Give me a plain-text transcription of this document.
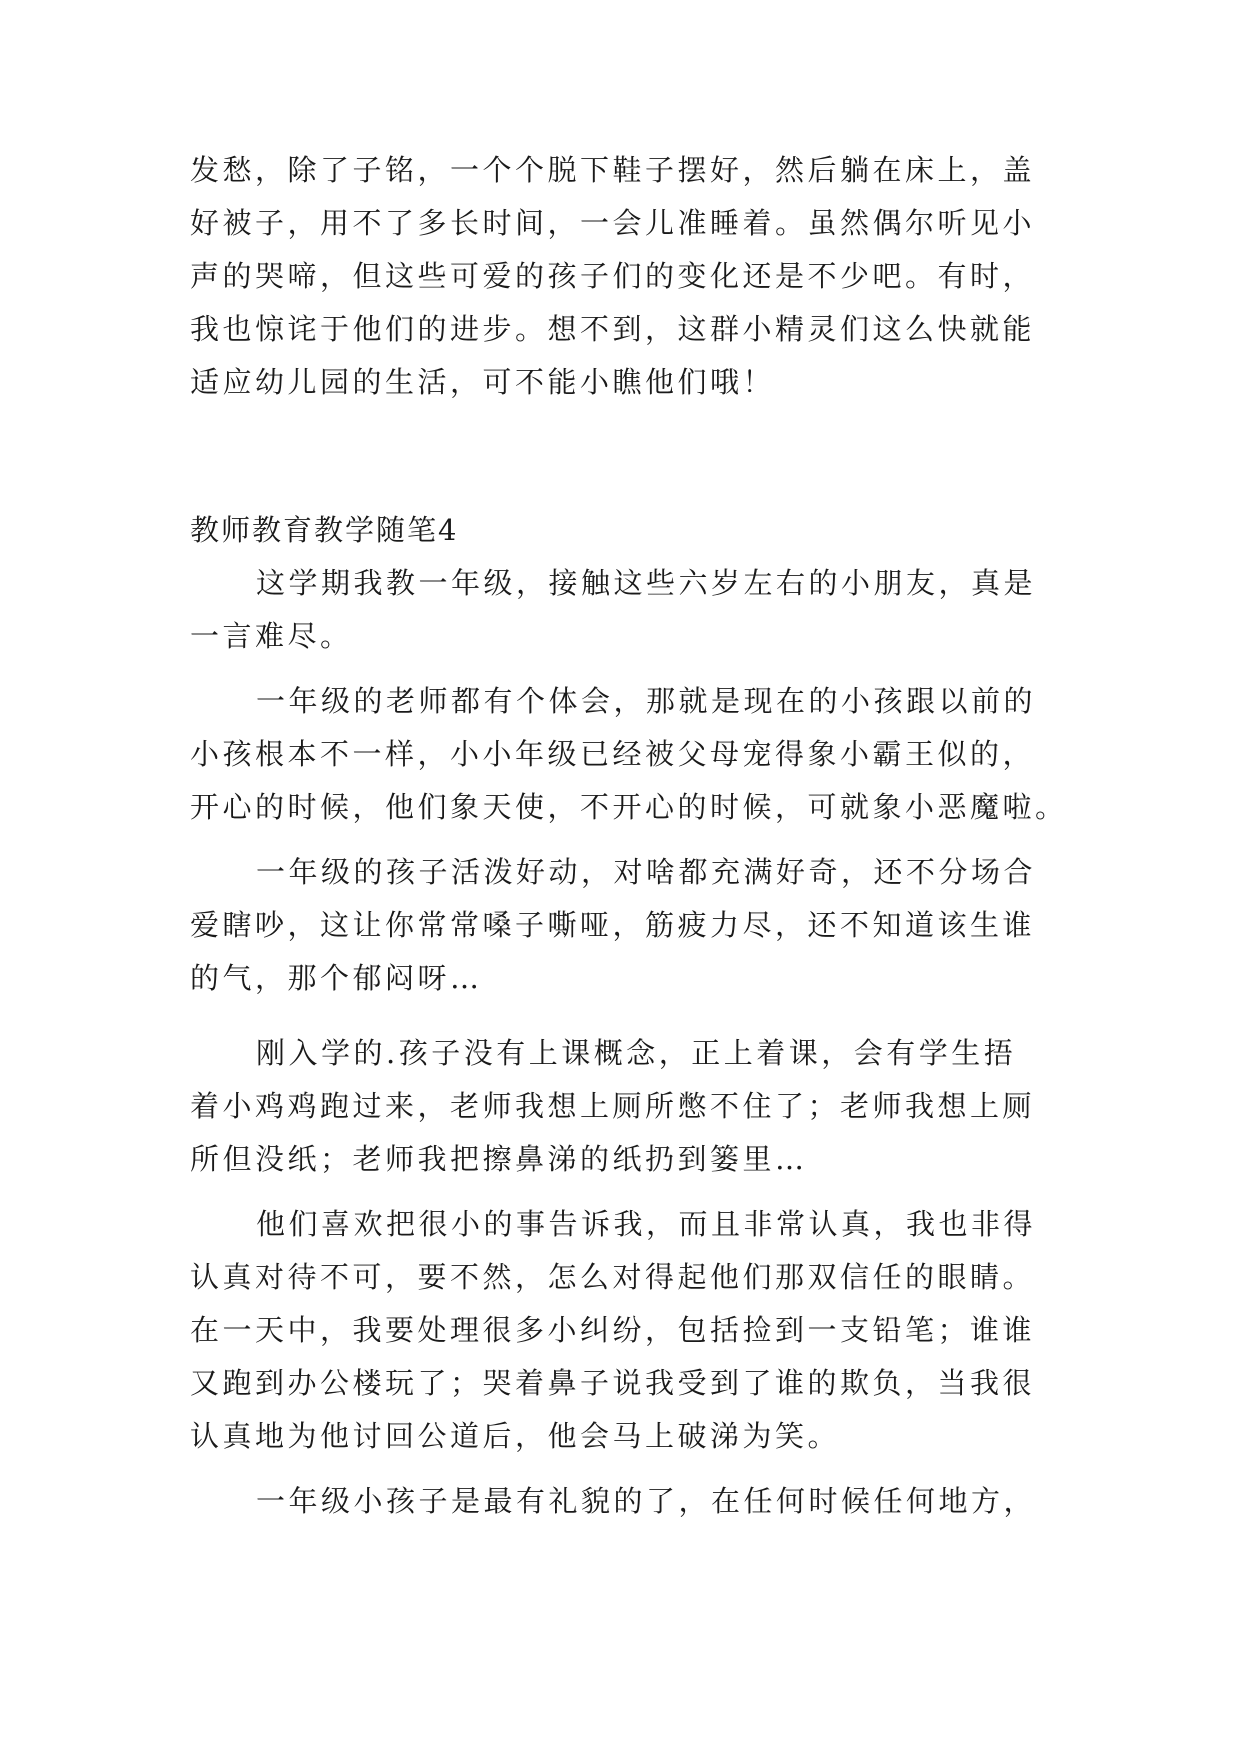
发愁，除了子铭，一个个脱下鞋子摆好，然后躺在床上，盖
好被子，用不了多长时间，一会儿准睡着。虽然偶尔听见小
声的哭啼，但这些可爱的孩子们的变化还是不少吧。有时，
我也惊诧于他们的进步。想不到，这群小精灵们这么快就能
适应幼儿园的生活，可不能小瞧他们哦！
教师教育教学随笔4
这学期我教一年级，接触这些六岁左右的小朋友，真是
一言难尽。
一年级的老师都有个体会，那就是现在的小孩跟以前的
小孩根本不一样，小小年级已经被父母宠得象小霸王似的，
开心的时候，他们象天使，不开心的时候，可就象小恶魔啦。
一年级的孩子活泼好动，对啥都充满好奇，还不分场合
爱瞎吵，这让你常常嗓子嘶哑，筋疲力尽，还不知道该生谁
的气，那个郁闷呀…
刚入学的.孩子没有上课概念，正上着课，会有学生捂
着小鸡鸡跑过来，老师我想上厕所憋不住了；老师我想上厕
所但没纸；老师我把擦鼻涕的纸扔到篓里…
他们喜欢把很小的事告诉我，而且非常认真，我也非得
认真对待不可，要不然，怎么对得起他们那双信任的眼睛。
在一天中，我要处理很多小纠纷，包括捡到一支铅笔；谁谁
又跑到办公楼玩了；哭着鼻子说我受到了谁的欺负，当我很
认真地为他讨回公道后，他会马上破涕为笑。
一年级小孩子是最有礼貌的了，在任何时候任何地方，
